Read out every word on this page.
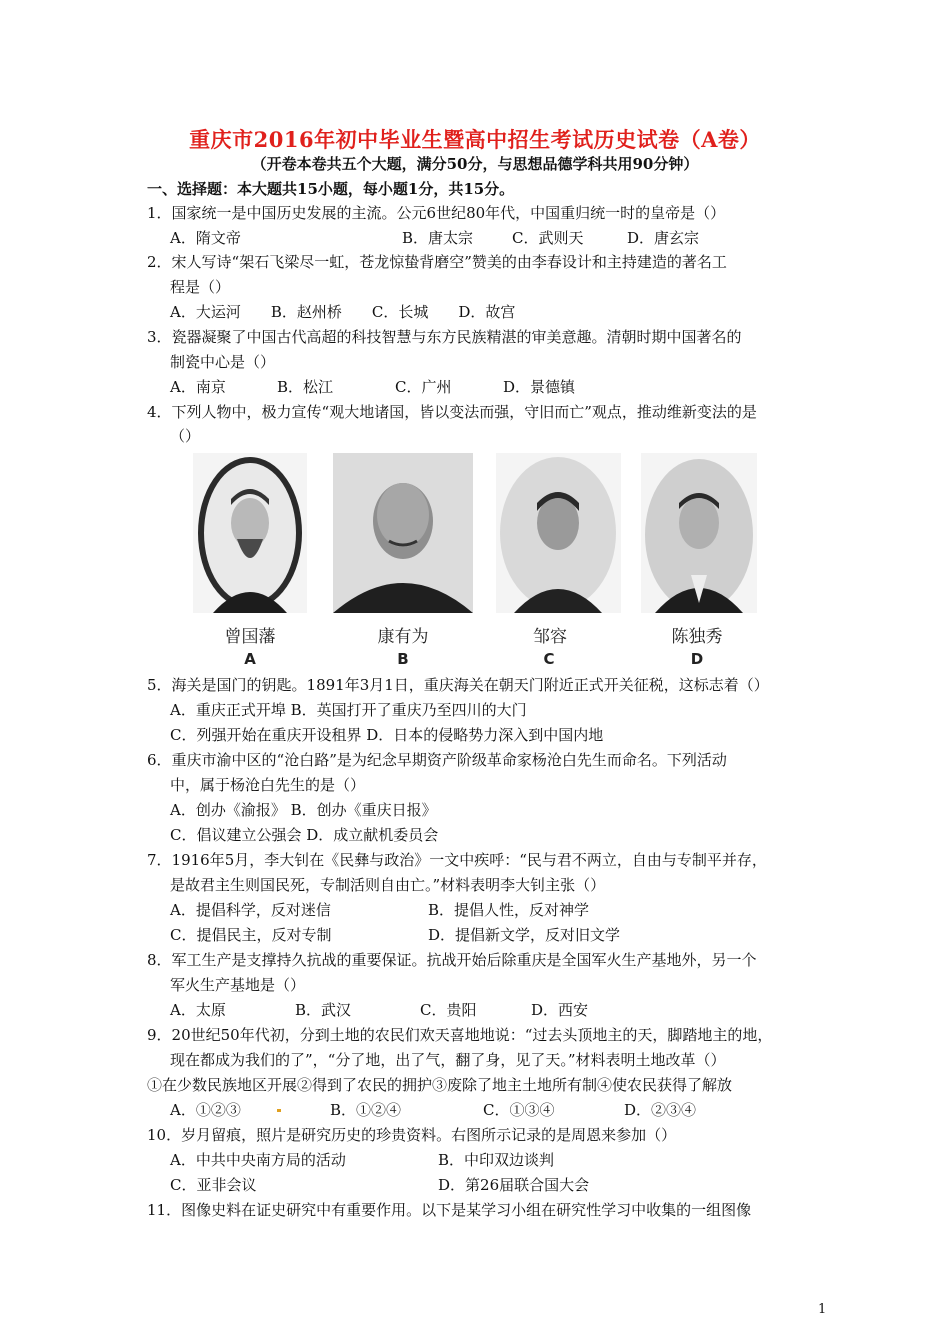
重庆市2016年初中毕业生暨高中招生考试历史试卷（A卷）
（开卷本卷共五个大题，满分50分，与思想品德学科共用90分钟）
一、选择题：本大题共15小题，每小题1分，共15分。
1．国家统一是中国历史发展的主流。公元6世纪80年代，中国重归统一时的皇帝是（）
A．隋文帝	B．唐太宗	C．武则天	D．唐玄宗
2．宋人写诗“架石飞梁尽一虹，苍龙惊蛰背磨空”赞美的由李春设计和主持建造的著名工
程是（）
A．大运河　　B．赵州桥　　C．长城　　D．故宫
3．瓷器凝聚了中国古代高超的科技智慧与东方民族精湛的审美意趣。清朝时期中国著名的
制瓷中心是（）
A．南京	B．松江	C．广州	D．景德镇
4．下列人物中，极力宣传“观大地诸国，皆以变法而强，守旧而亡”观点，推动维新变法的是
（）
曾国藩	康有为	邹容	陈独秀
A	B	C	D
5．海关是国门的钥匙。1891年3月1日，重庆海关在朝天门附近正式开关征税，这标志着（）
A．重庆正式开埠 B．英国打开了重庆乃至四川的大门
C．列强开始在重庆开设租界 D．日本的侵略势力深入到中国内地
6．重庆市渝中区的“沧白路”是为纪念早期资产阶级革命家杨沧白先生而命名。下列活动
中，属于杨沧白先生的是（）
A．创办《渝报》 B．创办《重庆日报》
C．倡议建立公强会 D．成立献机委员会
7．1916年5月，李大钊在《民彝与政治》一文中疾呼：“民与君不两立，自由与专制平并存，
是故君主生则国民死，专制活则自由亡。”材料表明李大钊主张（）
A．提倡科学，反对迷信	B．提倡人性，反对神学
C．提倡民主，反对专制	D．提倡新文学，反对旧文学
8．军工生产是支撑持久抗战的重要保证。抗战开始后除重庆是全国军火生产基地外，另一个
军火生产基地是（）
A．太原	B．武汉	C．贵阳	D．西安
9．20世纪50年代初，分到土地的农民们欢天喜地地说：“过去头顶地主的天，脚踏地主的地，
现在都成为我们的了”，“分了地，出了气，翻了身，见了天。”材料表明土地改革（）
①在少数民族地区开展②得到了农民的拥护③废除了地主土地所有制④使农民获得了解放
A．①②③	B．①②④	C．①③④	D．②③④
10．岁月留痕，照片是研究历史的珍贵资料。右图所示记录的是周恩来参加（）
A．中共中央南方局的活动	B．中印双边谈判
C．亚非会议	D．第26届联合国大会
11．图像史料在证史研究中有重要作用。以下是某学习小组在研究性学习中收集的一组图像
1
